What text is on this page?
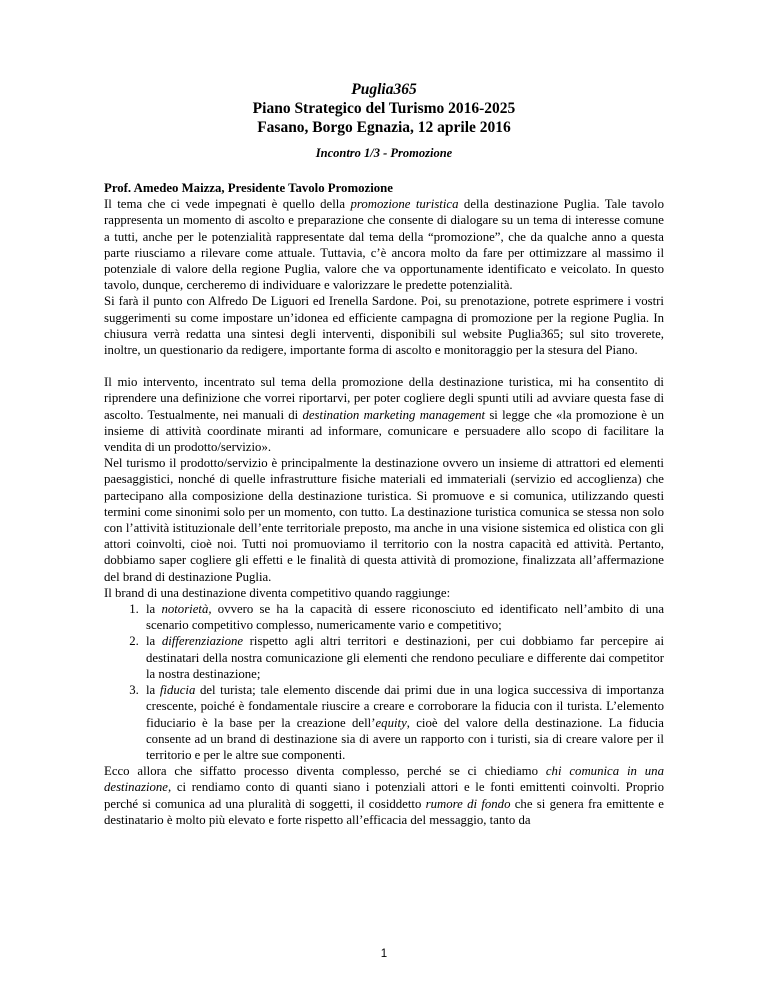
Puglia365
Piano Strategico del Turismo 2016-2025
Fasano, Borgo Egnazia, 12 aprile 2016
Incontro 1/3 - Promozione

Prof. Amedeo Maizza, Presidente Tavolo Promozione

Il tema che ci vede impegnati è quello della promozione turistica della destinazione Puglia. Tale tavolo rappresenta un momento di ascolto e preparazione che consente di dialogare su un tema di interesse comune a tutti, anche per le potenzialità rappresentate dal tema della “promozione”, che da qualche anno a questa parte riusciamo a rilevare come attuale. Tuttavia, c’è ancora molto da fare per ottimizzare al massimo il potenziale di valore della regione Puglia, valore che va opportunamente identificato e veicolato. In questo tavolo, dunque, cercheremo di individuare e valorizzare le predette potenzialità.

Si farà il punto con Alfredo De Liguori ed Irenella Sardone. Poi, su prenotazione, potrete esprimere i vostri suggerimenti su come impostare un’idonea ed efficiente campagna di promozione per la regione Puglia. In chiusura verrà redatta una sintesi degli interventi, disponibili sul website Puglia365; sul sito troverete, inoltre, un questionario da redigere, importante forma di ascolto e monitoraggio per la stesura del Piano.

Il mio intervento, incentrato sul tema della promozione della destinazione turistica, mi ha consentito di riprendere una definizione che vorrei riportarvi, per poter cogliere degli spunti utili ad avviare questa fase di ascolto. Testualmente, nei manuali di destination marketing management si legge che «la promozione è un insieme di attività coordinate miranti ad informare, comunicare e persuadere allo scopo di facilitare la vendita di un prodotto/servizio».

Nel turismo il prodotto/servizio è principalmente la destinazione ovvero un insieme di attrattori ed elementi paesaggistici, nonché di quelle infrastrutture fisiche materiali ed immateriali (servizio ed accoglienza) che partecipano alla composizione della destinazione turistica. Si promuove e si comunica, utilizzando questi termini come sinonimi solo per un momento, con tutto. La destinazione turistica comunica se stessa non solo con l’attività istituzionale dell’ente territoriale preposto, ma anche in una visione sistemica ed olistica con gli attori coinvolti, cioè noi. Tutti noi promuoviamo il territorio con la nostra capacità ed attività. Pertanto, dobbiamo saper cogliere gli effetti e le finalità di questa attività di promozione, finalizzata all’affermazione del brand di destinazione Puglia.

Il brand di una destinazione diventa competitivo quando raggiunge:

1. la notorietà, ovvero se ha la capacità di essere riconosciuto ed identificato nell’ambito di una scenario competitivo complesso, numericamente vario e competitivo;
2. la differenziazione rispetto agli altri territori e destinazioni, per cui dobbiamo far percepire ai destinatari della nostra comunicazione gli elementi che rendono peculiare e differente dai competitor la nostra destinazione;
3. la fiducia del turista; tale elemento discende dai primi due in una logica successiva di importanza crescente, poiché è fondamentale riuscire a creare e corroborare la fiducia con il turista. L’elemento fiduciario è la base per la creazione dell’equity, cioè del valore della destinazione. La fiducia consente ad un brand di destinazione sia di avere un rapporto con i turisti, sia di creare valore per il territorio e per le altre sue componenti.

Ecco allora che siffatto processo diventa complesso, perché se ci chiediamo chi comunica in una destinazione, ci rendiamo conto di quanti siano i potenziali attori e le fonti emittenti coinvolti. Proprio perché si comunica ad una pluralità di soggetti, il cosiddetto rumore di fondo che si genera fra emittente e destinatario è molto più elevato e forte rispetto all’efficacia del messaggio, tanto da

1
